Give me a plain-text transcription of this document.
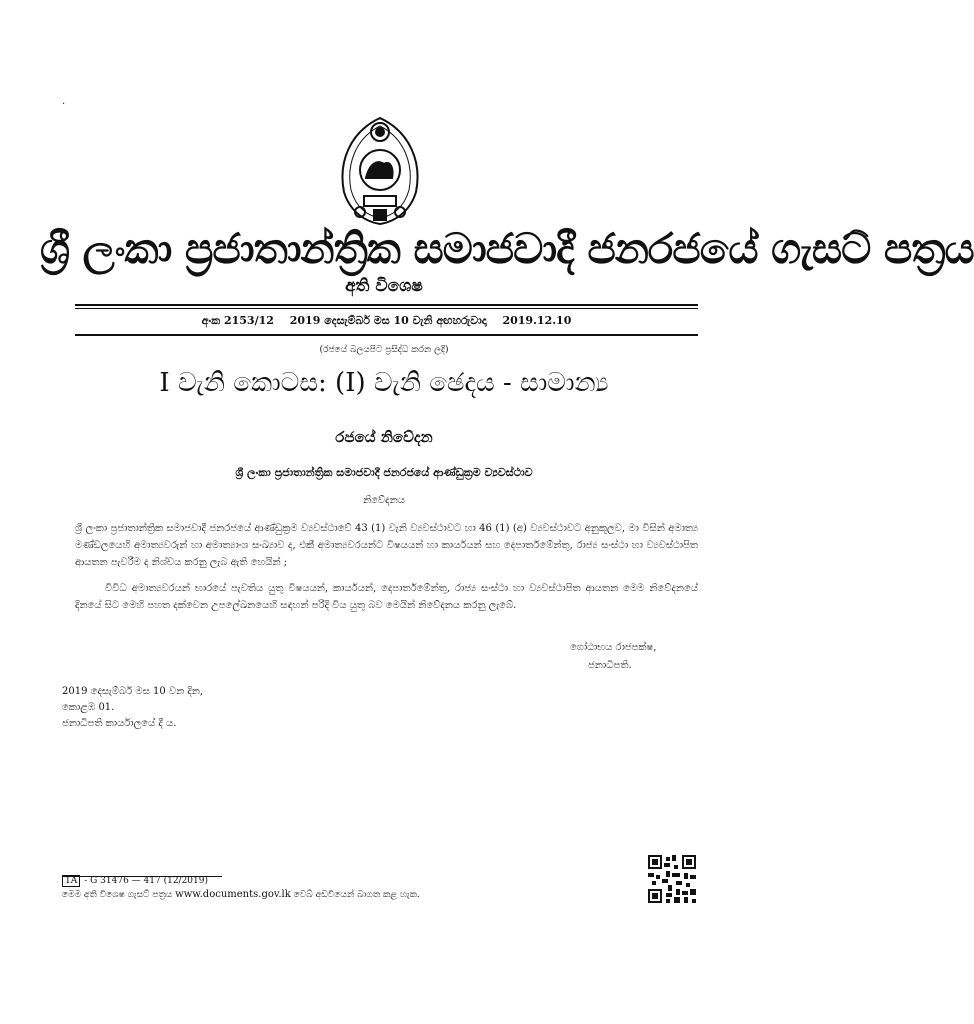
.
ශ්‍රී ලංකා ප්‍රජාතාන්ත්‍රික සමාජවාදී ජනරජයේ ගැසට් පත්‍රය
අති විශෙෂ
අංක 2153/12 2019 දෙසැම්බර් මස 10 වැනි අඟහරුවාදා 2019.12.10
(රජයේ බලයපිට ප්‍රසිද්ධ කරන ලදි)
I වැනි කොටස: (I) වැනි ඡෙදය - සාමාන්‍ය
රජයේ නිවේදන
ශ්‍රී ලංකා ප්‍රජාතාන්ත්‍රික සමාජවාදී ජනරජයේ ආණ්ඩුක්‍රම ව්‍යවස්ථාව
නිවේදනය
ශ්‍රී ලංකා ප්‍රජාතාන්ත්‍රික සමාජවාදී ජනරජයේ ආණ්ඩුක්‍රම ව්‍යවස්ථාවේ 43 (1) වැනි ව්‍යවස්ථාවට හා 46 (1) (අ) ව්‍යවස්ථාවට අනුකූලව, මා විසින් අමාත්‍ය මණ්ඩලයෙහි අමාත්‍යවරුන් හා අමාත්‍යාංශ සංඛ්‍යාව ද, එකී අමාත්‍යවරයන්ට විෂයයන් හා කාර්යයන් සහ දෙපාර්තමේන්තු, රාජ්‍ය සංස්ථා හා ව්‍යවස්ථාපිත ආයතන පැවරීම ද නිශ්චය කරනු ලැබ ඇති හෙයින් ;
විවිධ අමාත්‍යවරයන් භාරයේ පැවතිය යුතු විෂයයන්, කාර්යයන්, දෙපාර්තමේන්තු, රාජ්‍ය සංස්ථා හා ව්‍යවස්ථාපිත ආයතන මෙම නිවේදනයේ දිනයේ සිට මෙහි පහත දක්වෙන උපලේඛනයෙහි සඳහන් පරිදි විය යුතු බව මෙයින් නිවේදනය කරනු ලැබේ.
ගෝඨාභය රාජපක්ෂ,
ජනාධිපති.
2019 දෙසැම්බර් මස 10 වන දින,
කොළඹ 01.
ජනාධිපති කාර්යාලයේ දී ය.
1A - G 31476 — 417 (12/2019)
මෙම අති විශෙෂ ගැසට් පත්‍රය www.documents.gov.lk වෙබ් අඩවියෙන් බාගත කළ හැක.
